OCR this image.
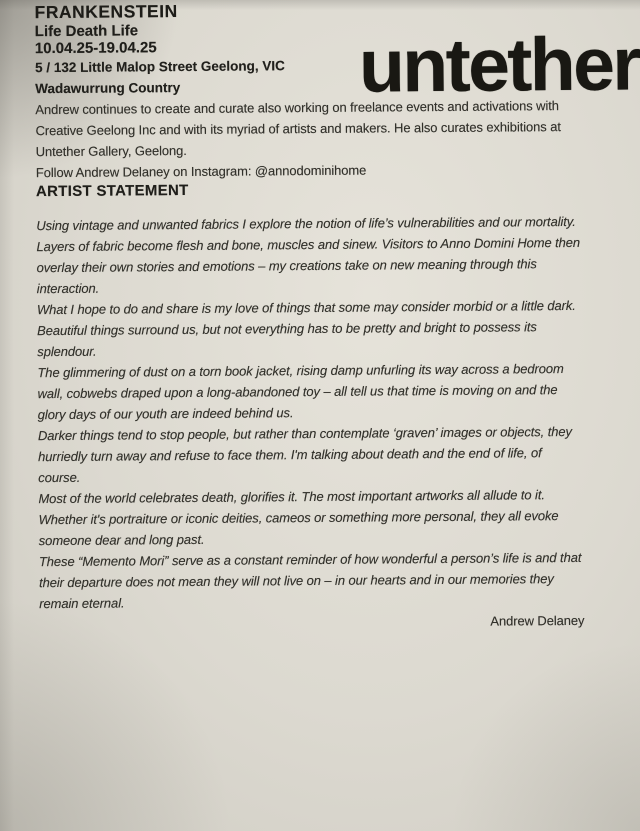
untether
FRANKENSTEIN

Life Death Life

10.04.25-19.04.25

5 / 132 Little Malop Street Geelong, VIC

Wadawurrung Country

Andrew continues to create and curate also working on freelance events and activations with Creative Geelong Inc and with its myriad of artists and makers. He also curates exhibitions at Untether Gallery, Geelong.

Follow Andrew Delaney on Instagram: @annodominihome

ARTIST STATEMENT

Using vintage and unwanted fabrics I explore the notion of life’s vulnerabilities and our mortality. Layers of fabric become flesh and bone, muscles and sinew. Visitors to Anno Domini Home then overlay their own stories and emotions – my creations take on new meaning through this interaction.

What I hope to do and share is my love of things that some may consider morbid or a little dark. Beautiful things surround us, but not everything has to be pretty and bright to possess its splendour.

The glimmering of dust on a torn book jacket, rising damp unfurling its way across a bedroom wall, cobwebs draped upon a long-abandoned toy – all tell us that time is moving on and the glory days of our youth are indeed behind us.

Darker things tend to stop people, but rather than contemplate ‘graven’ images or objects, they hurriedly turn away and refuse to face them. I'm talking about death and the end of life, of course.

Most of the world celebrates death, glorifies it. The most important artworks all allude to it. Whether it's portraiture or iconic deities, cameos or something more personal, they all evoke someone dear and long past.

These “Memento Mori” serve as a constant reminder of how wonderful a person’s life is and that their departure does not mean they will not live on – in our hearts and in our memories they remain eternal.

Andrew Delaney
